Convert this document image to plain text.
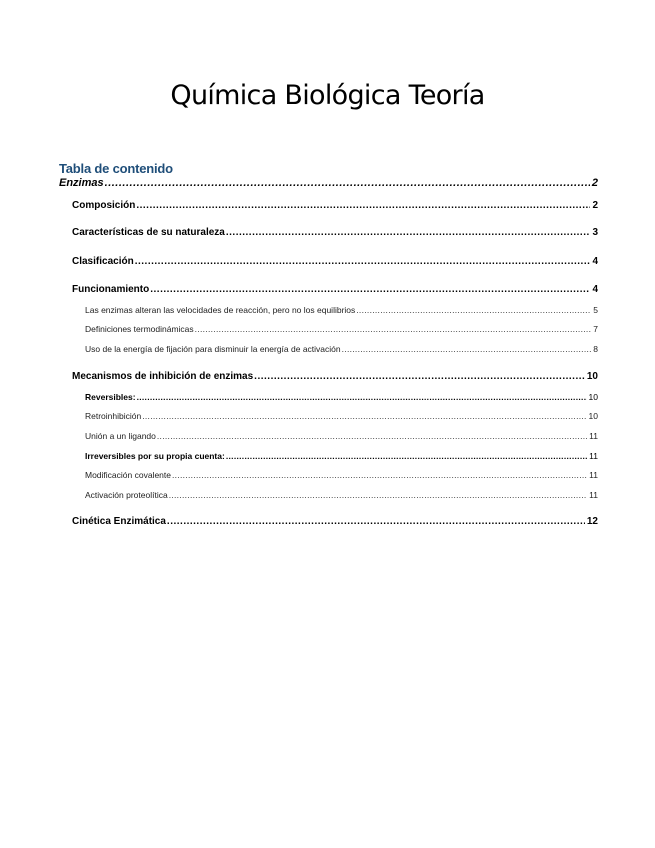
Química Biológica Teoría
Tabla de contenido
Enzimas .....	2
Composición .....	2
Características de su naturaleza .....	3
Clasificación .....	4
Funcionamiento .....	4
Las enzimas alteran las velocidades de reacción, pero no los equilibrios .....	5
Definiciones termodinámicas .....	7
Uso de la energía de fijación para disminuir la energía de activación .....	8
Mecanismos de inhibición de enzimas .....	10
Reversibles: .....	10
Retroinhibición .....	10
Unión a un ligando .....	11
Irreversibles por su propia cuenta: .....	11
Modificación covalente .....	11
Activación proteolítica .....	11
Cinética Enzimática .....	12
